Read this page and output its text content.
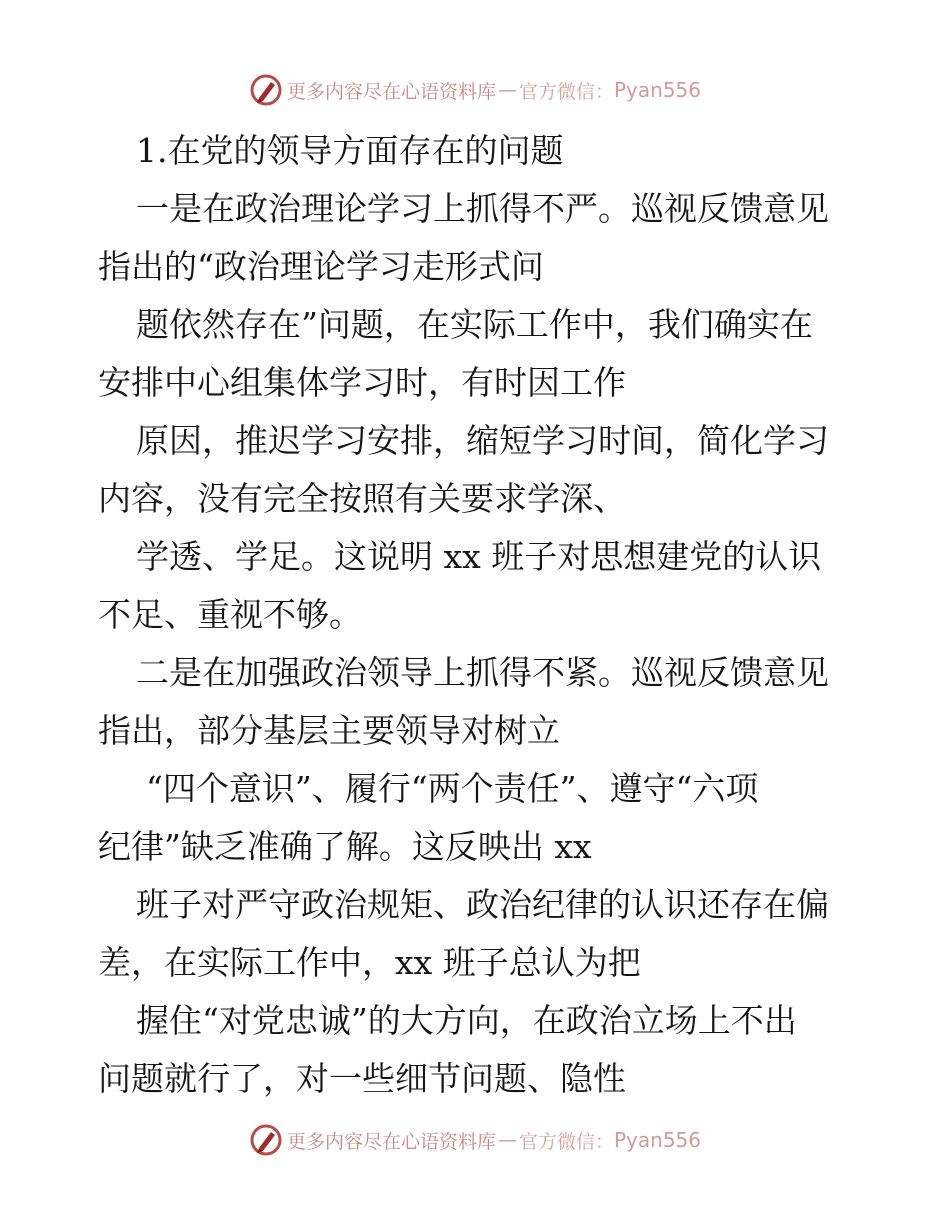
更多内容尽在心语资料库 — 官方微信： Pyan556
1.在党的领导方面存在的问题
一是在政治理论学习上抓得不严。巡视反馈意见
指出的“政治理论学习走形式问
题依然存在”问题，在实际工作中，我们确实在
安排中心组集体学习时，有时因工作
原因，推迟学习安排，缩短学习时间，简化学习
内容，没有完全按照有关要求学深、
学透、学足。这说明 xx 班子对思想建党的认识
不足、重视不够。
二是在加强政治领导上抓得不紧。巡视反馈意见
指出，部分基层主要领导对树立
“四个意识”、履行“两个责任”、遵守“六项
纪律”缺乏准确了解。这反映出 xx
班子对严守政治规矩、政治纪律的认识还存在偏
差，在实际工作中，xx 班子总认为把
握住“对党忠诚”的大方向，在政治立场上不出
问题就行了，对一些细节问题、隐性
更多内容尽在心语资料库 — 官方微信： Pyan556
